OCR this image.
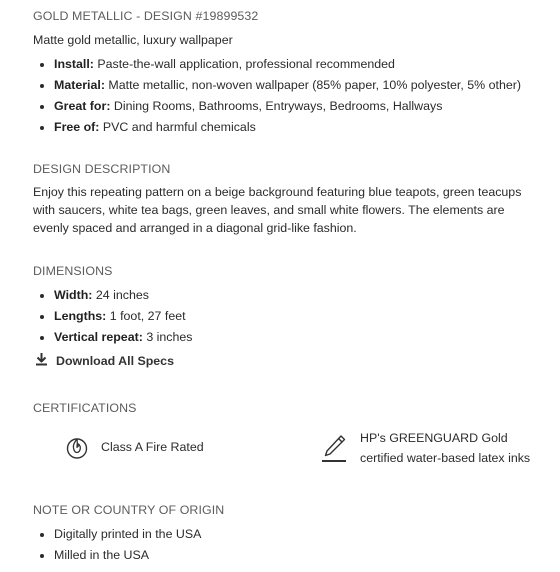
GOLD METALLIC - DESIGN #19899532
Matte gold metallic, luxury wallpaper
Install: Paste-the-wall application, professional recommended
Material: Matte metallic, non-woven wallpaper (85% paper, 10% polyester, 5% other)
Great for: Dining Rooms, Bathrooms, Entryways, Bedrooms, Hallways
Free of: PVC and harmful chemicals
DESIGN DESCRIPTION
Enjoy this repeating pattern on a beige background featuring blue teapots, green teacups with saucers, white tea bags, green leaves, and small white flowers. The elements are evenly spaced and arranged in a diagonal grid-like fashion.
DIMENSIONS
Width: 24 inches
Lengths: 1 foot, 27 feet
Vertical repeat: 3 inches
Download All Specs
CERTIFICATIONS
Class A Fire Rated
HP's GREENGUARD Gold
certified water-based latex inks
NOTE OR COUNTRY OF ORIGIN
Digitally printed in the USA
Milled in the USA
